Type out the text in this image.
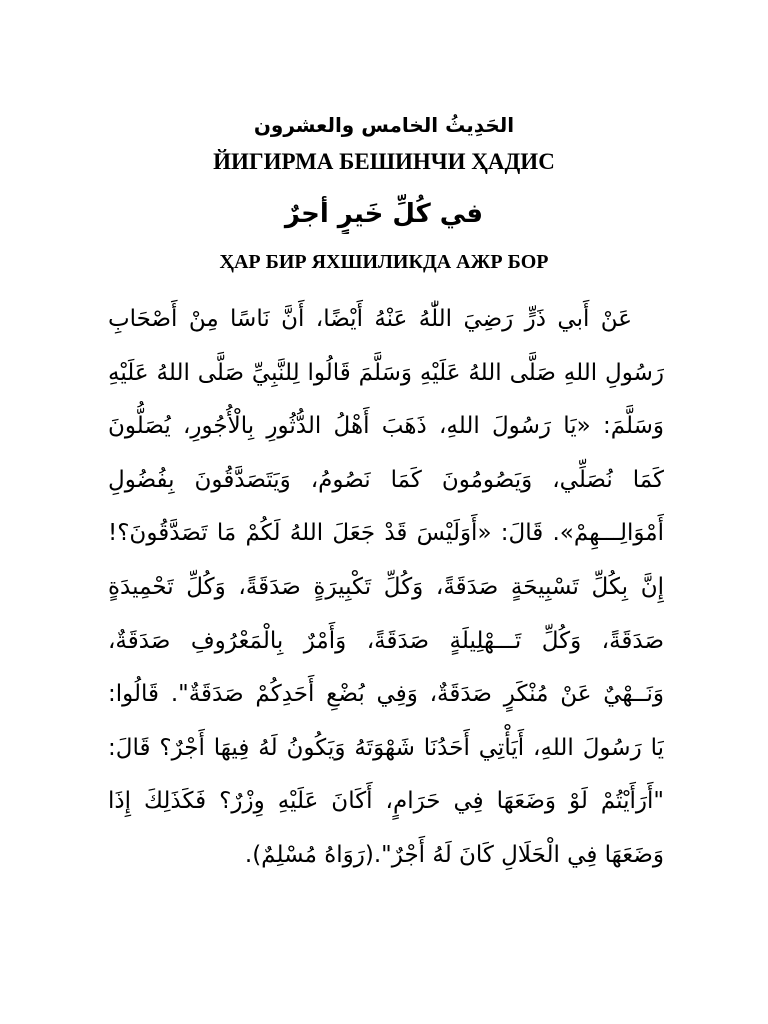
الحَدِيثُ الخامس والعشرون
ЙИГИРМА БЕШИНЧИ ҲАДИС
في كُلِّ خَيرٍ أجرٌ
ҲАР БИР ЯХШИЛИКДА АЖР БОР
عَنْ أَبي ذَرٍّ رَضِيَ اللّٰهُ عَنْهُ أَيْضًا، أَنَّ نَاسًا مِنْ أَصْحَابِ
رَسُولِ اللهِ صَلَّى اللهُ عَلَيْهِ وَسَلَّمَ قَالُوا لِلنَّبِيِّ صَلَّى اللهُ عَلَيْهِ
وَسَلَّمَ: «يَا رَسُولَ اللهِ، ذَهَبَ أَهْلُ الدُّثُورِ بِالْأُجُورِ، يُصَلُّونَ
كَمَا نُصَلِّي، وَيَصُومُونَ كَمَا نَصُومُ، وَيَتَصَدَّقُونَ بِفُضُولِ
أَمْوَالِـــهِمْ». قَالَ: «أَوَلَيْسَ قَدْ جَعَلَ اللهُ لَكُمْ مَا تَصَدَّقُونَ؟!
إِنَّ بِكُلِّ تَسْبِيحَةٍ صَدَقَةً، وَكُلِّ تَكْبِيرَةٍ صَدَقَةً، وَكُلِّ تَحْمِيدَةٍ
صَدَقَةً، وَكُلِّ تَـــهْلِيلَةٍ صَدَقَةً، وَأَمْرٌ بِالْمَعْرُوفِ صَدَقَةٌ،
وَنَــهْيٌ عَنْ مُنْكَرٍ صَدَقَةٌ، وَفِي بُضْعِ أَحَدِكُمْ صَدَقَةٌ". قَالُوا:
يَا رَسُولَ اللهِ، أَيَأْتِي أَحَدُنَا شَهْوَتَهُ وَيَكُونُ لَهُ فِيهَا أَجْرٌ؟ قَالَ:
"أَرَأَيْتُمْ لَوْ وَضَعَهَا فِي حَرَامٍ، أَكَانَ عَلَيْهِ وِزْرٌ؟ فَكَذَلِكَ إِذَا
وَضَعَهَا فِي الْحَلَالِ كَانَ لَهُ أَجْرٌ".(رَوَاهُ مُسْلِمٌ).
